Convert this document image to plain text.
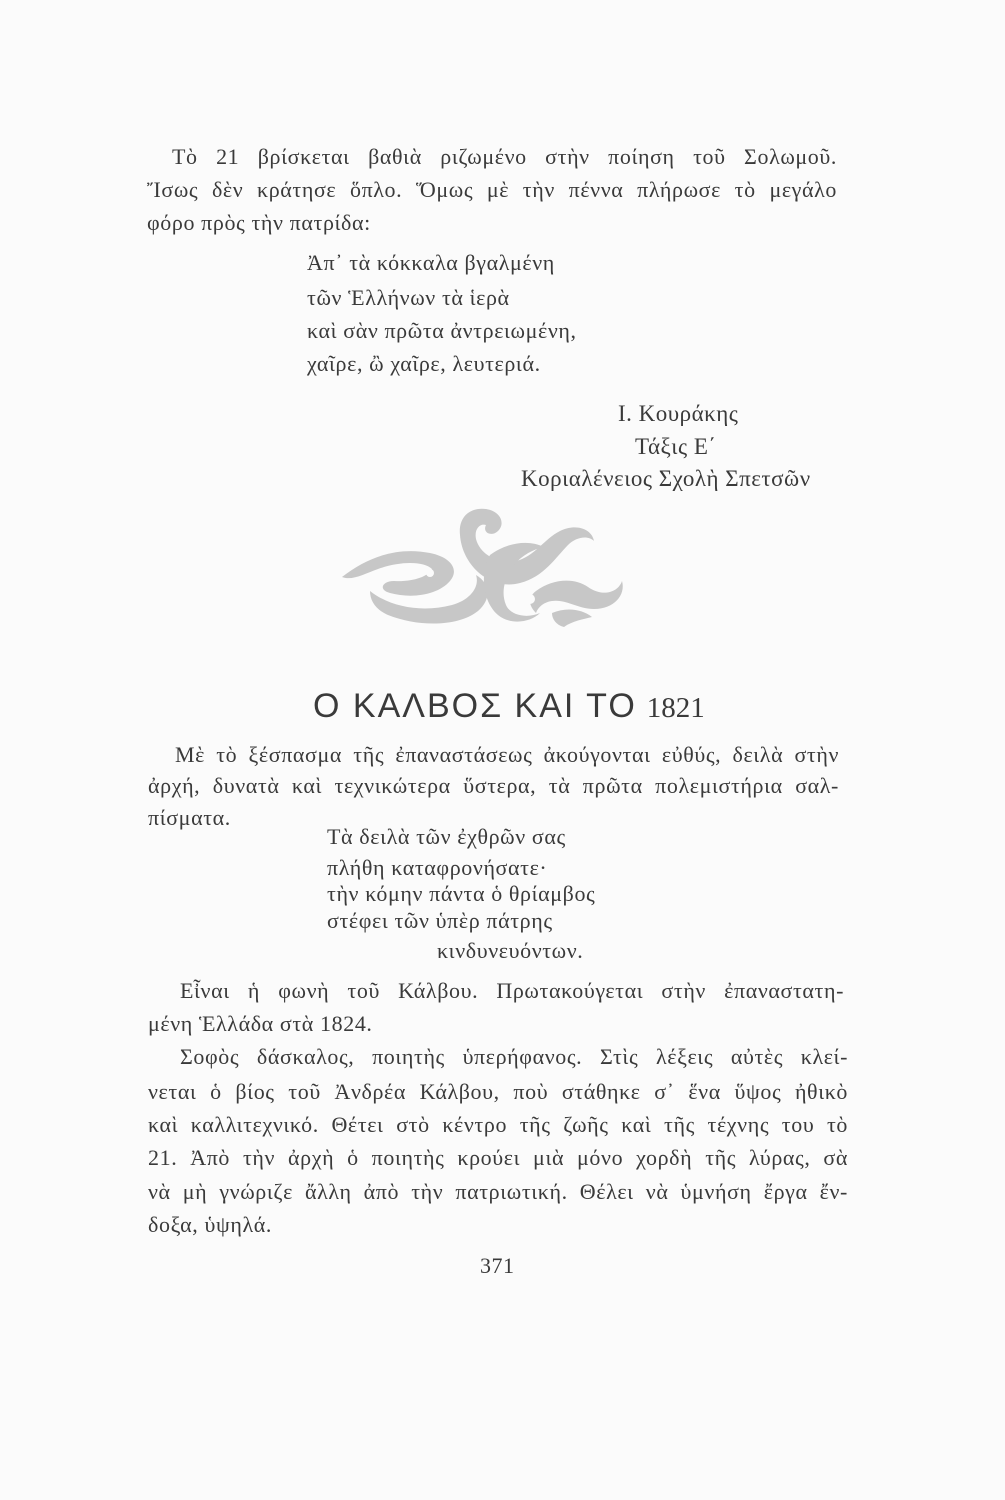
Τὸ 21 βρίσκεται βαθιὰ ριζωμένο στὴν ποίηση τοῦ Σολωμοῦ.
Ἴσως δὲν κράτησε ὅπλο. Ὅμως μὲ τὴν πέννα πλήρωσε τὸ μεγάλο
φόρο πρὸς τὴν πατρίδα:
Ἀπ᾿ τὰ κόκκαλα βγαλμένη
τῶν Ἑλλήνων τὰ ἱερὰ
καὶ σὰν πρῶτα ἀντρειωμένη,
χαῖρε, ὢ χαῖρε, λευτεριά.
Ι. Κουράκης
Τάξις Ε΄
Κοριαλένειος Σχολὴ Σπετσῶν
Ο ΚΑΛΒΟΣ ΚΑΙ ΤΟ 1821
Μὲ τὸ ξέσπασμα τῆς ἐπαναστάσεως ἀκούγονται εὐθύς, δειλὰ στὴν
ἀρχή, δυνατὰ καὶ τεχνικώτερα ὕστερα, τὰ πρῶτα πολεμιστήρια σαλ-
πίσματα.
Τὰ δειλὰ τῶν ἐχθρῶν σας
πλήθη καταφρονήσατε·
τὴν κόμην πάντα ὁ θρίαμβος
στέφει τῶν ὑπὲρ πάτρης
κινδυνευόντων.
Εἶναι ἡ φωνὴ τοῦ Κάλβου. Πρωτακούγεται στὴν ἐπαναστατη-
μένη Ἑλλάδα στὰ 1824.
Σοφὸς δάσκαλος, ποιητὴς ὑπερήφανος. Στὶς λέξεις αὐτὲς κλεί-
νεται ὁ βίος τοῦ Ἀνδρέα Κάλβου, ποὺ στάθηκε σ᾿ ἕνα ὕψος ἠθικὸ
καὶ καλλιτεχνικό. Θέτει στὸ κέντρο τῆς ζωῆς καὶ τῆς τέχνης του τὸ
21. Ἀπὸ τὴν ἀρχὴ ὁ ποιητὴς κρούει μιὰ μόνο χορδὴ τῆς λύρας, σὰ
νὰ μὴ γνώριζε ἄλλη ἀπὸ τὴν πατριωτική. Θέλει νὰ ὑμνήση ἔργα ἔν-
δοξα, ὑψηλά.
371
